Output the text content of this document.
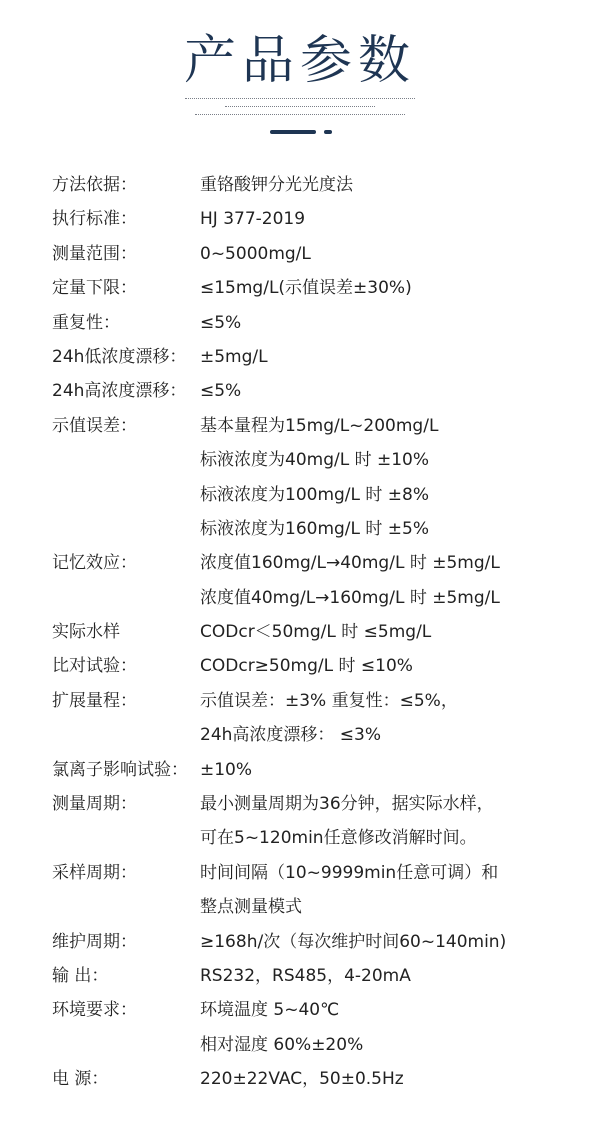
产品参数
方法依据：	重铬酸钾分光光度法
执行标准：	HJ 377-2019
测量范围：	0~5000mg/L
定量下限：	≤15mg/L(示值误差±30%)
重复性：	≤5%
24h低浓度漂移： ±5mg/L
24h高浓度漂移： ≤5%
示值误差：	基本量程为15mg/L~200mg/L
标液浓度为40mg/L 时 ±10%
标液浓度为100mg/L 时 ±8%
标液浓度为160mg/L 时 ±5%
记忆效应：	浓度值160mg/L→40mg/L 时 ±5mg/L
浓度值40mg/L→160mg/L 时 ±5mg/L
实际水样	CODcr＜50mg/L 时 ≤5mg/L
比对试验：	CODcr≥50mg/L 时 ≤10%
扩展量程：	示值误差：±3% 重复性：≤5%，
24h高浓度漂移： ≤3%
氯离子影响试验： ±10%
测量周期：	最小测量周期为36分钟，据实际水样，
可在5~120min任意修改消解时间。
采样周期：	时间间隔（10~9999min任意可调）和
整点测量模式
维护周期：	≥168h/次（每次维护时间60~140min)
输 出：	RS232，RS485，4-20mA
环境要求：	环境温度 5~40℃
相对湿度 60%±20%
电 源：	220±22VAC，50±0.5Hz
